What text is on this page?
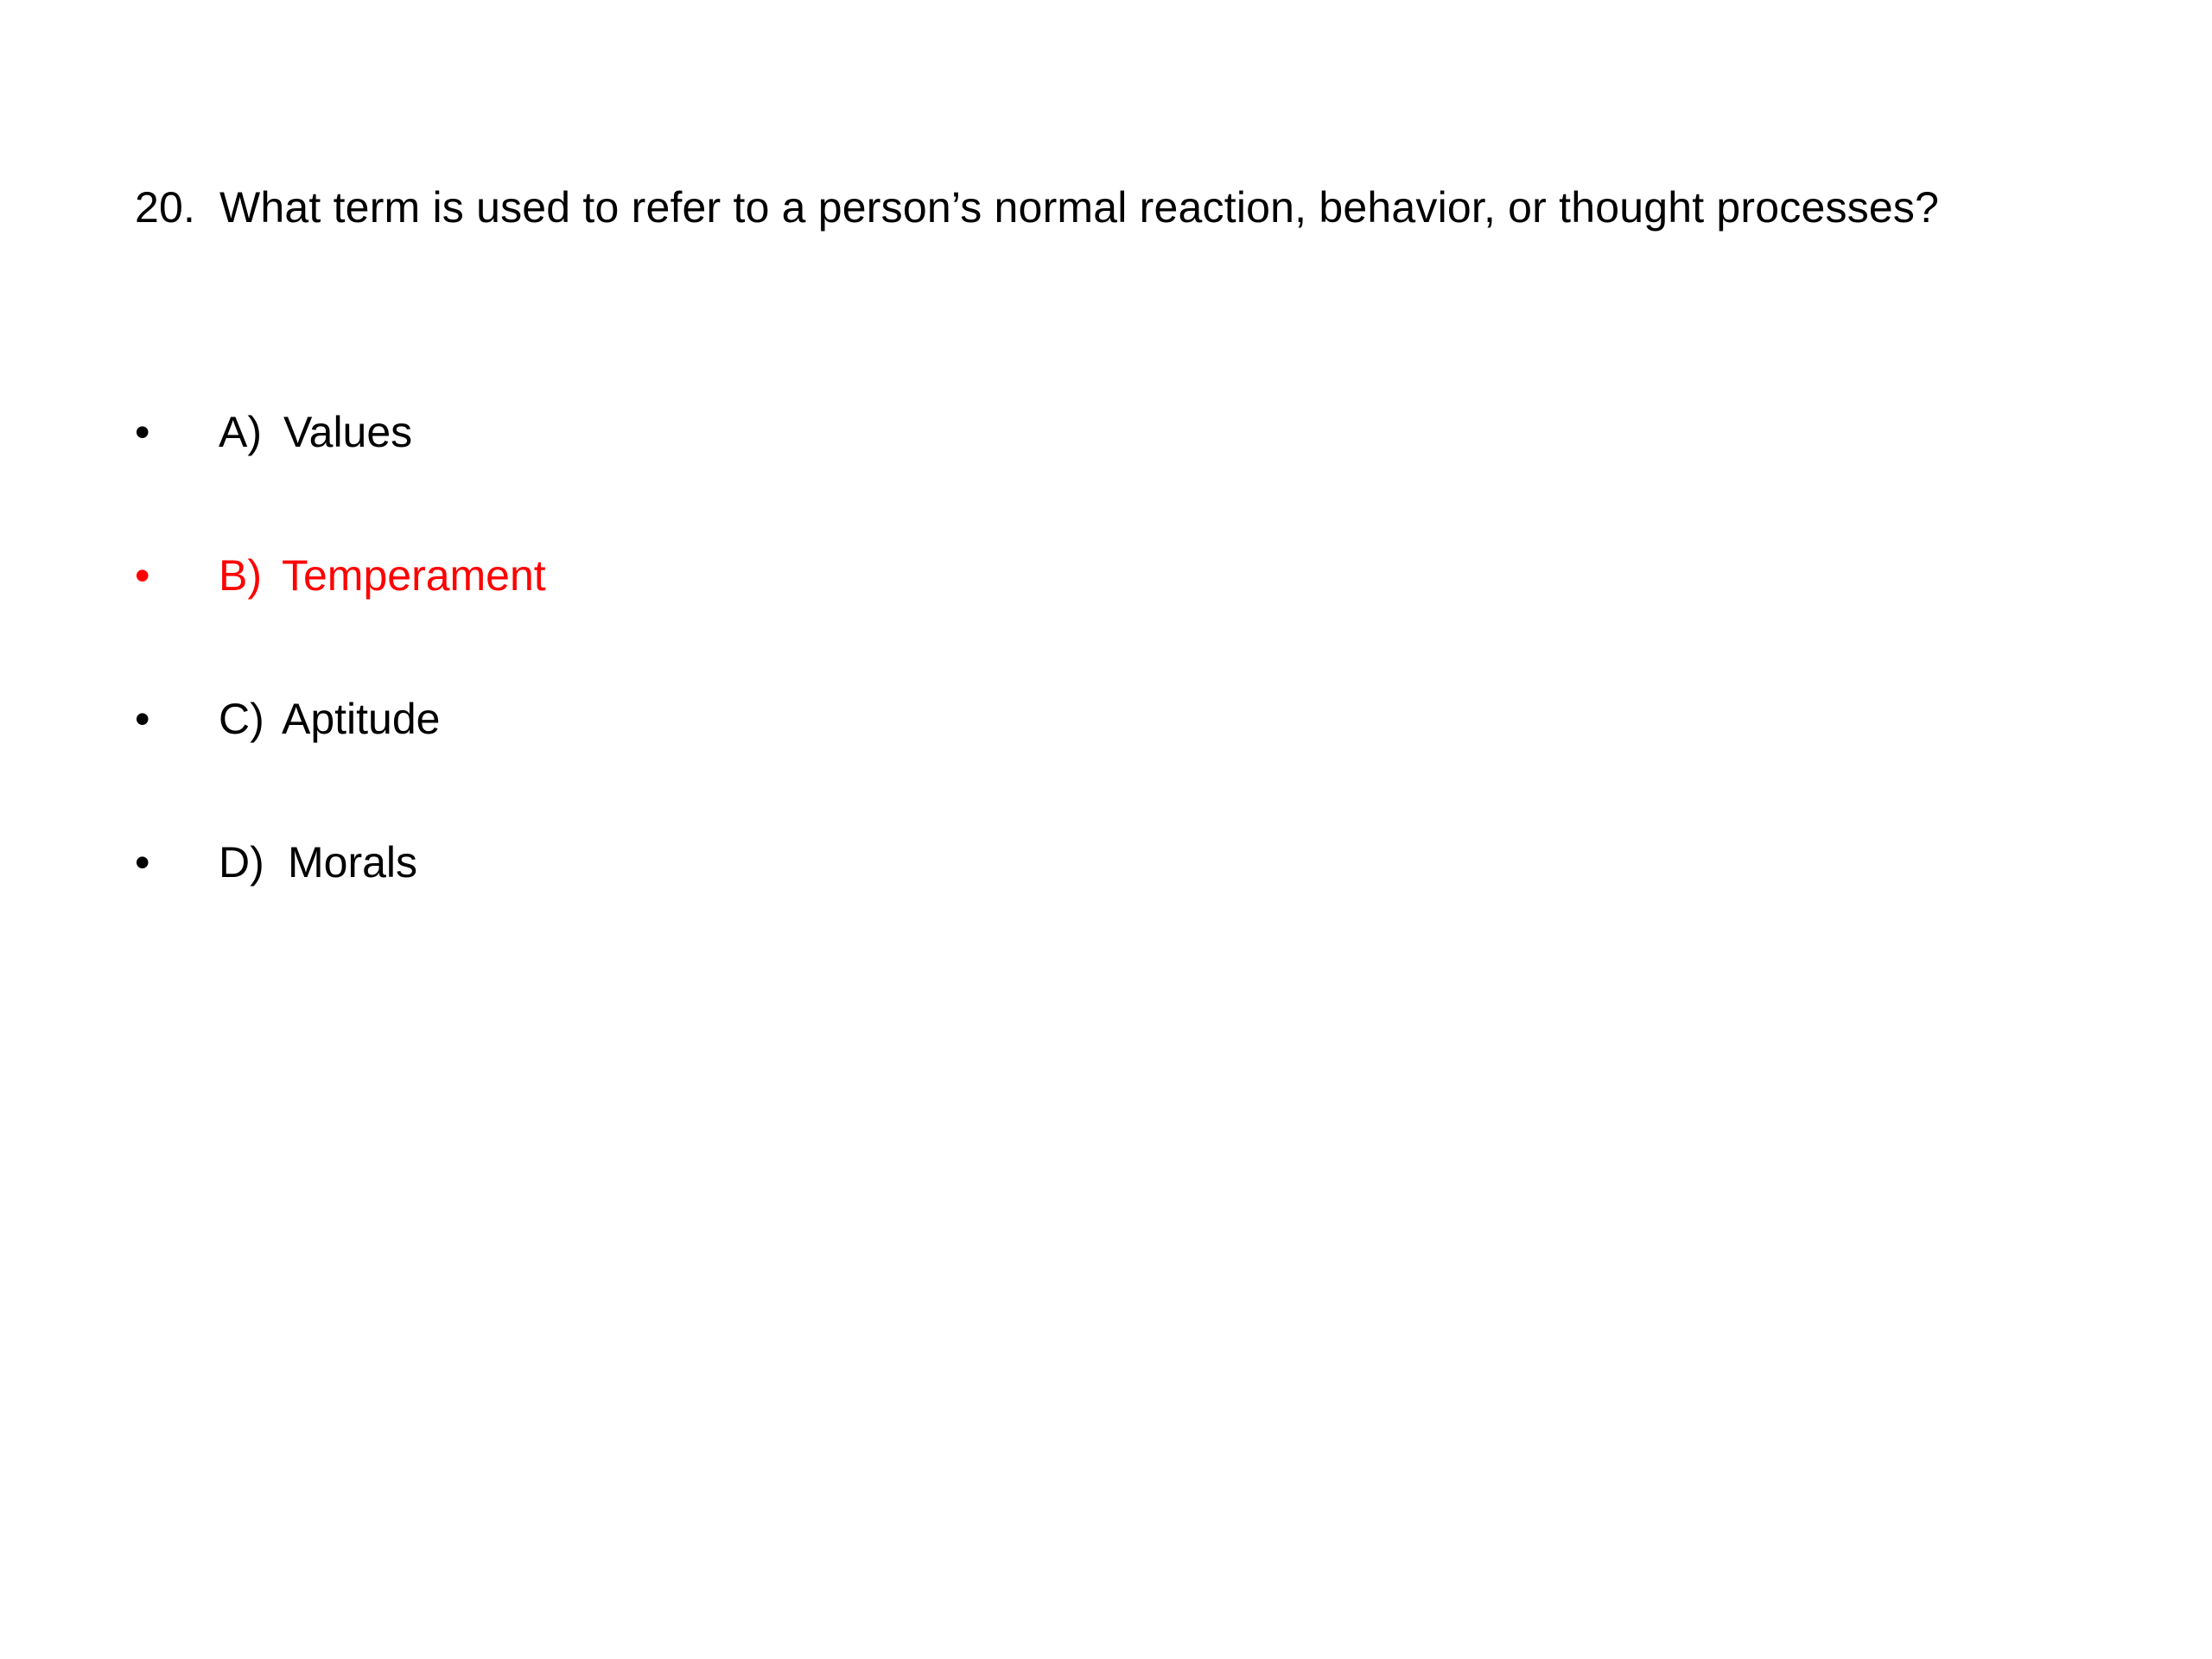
20. What term is used to refer to a person’s normal reaction, behavior, or thought processes?
• A) Values
• B) Temperament
• C) Aptitude
• D) Morals
